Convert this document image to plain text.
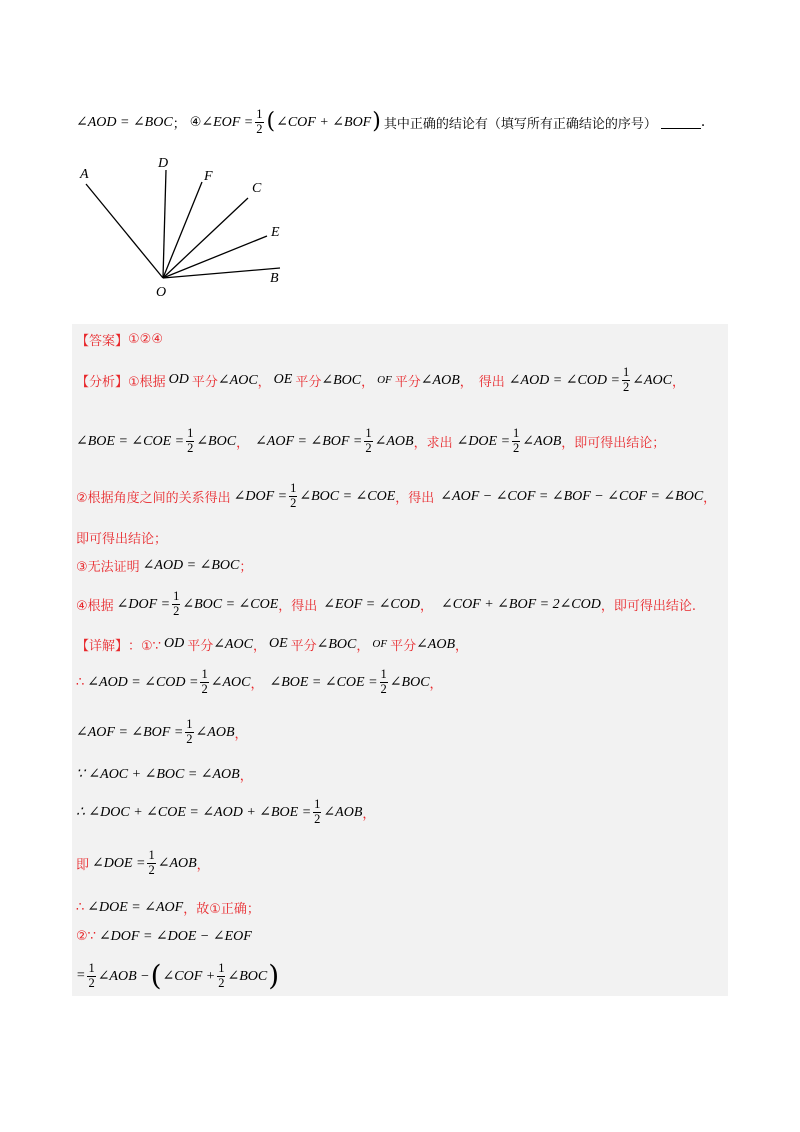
∠AOD = ∠BOC ； ④ ∠EOF = $\frac{1}{2}$ ( ∠COF + ∠BOF ) 其中正确的结论有（填写所有正确结论的序号）	.
A
D
F
C
E
B
O
【答案】 ①②④
【分析】 ①根据 OD 平分 ∠AOC ， OE 平分 ∠BOC ， OF 平分 ∠AOB ， 得出 ∠AOD = ∠COD = $\frac{1}{2}$ ∠AOC ，
∠BOE = ∠COE = $\frac{1}{2}$ ∠BOC ， ∠AOF = ∠BOF = $\frac{1}{2}$ ∠AOB ，求出 ∠DOE = $\frac{1}{2}$ ∠AOB ，即可得出结论；
②根据角度之间的关系得出 ∠DOF = $\frac{1}{2}$ ∠BOC = ∠COE ，得出 ∠AOF − ∠COF = ∠BOF − ∠COF = ∠BOC ，
即可得出结论；
③无法证明 ∠AOD = ∠BOC ；
④根据 ∠DOF = $\frac{1}{2}$ ∠BOC = ∠COE ，得出 ∠EOF = ∠COD ， ∠COF + ∠BOF = 2∠COD ，即可得出结论.
【详解】 ：①∵ OD 平分 ∠AOC ， OE 平分 ∠BOC ， OF 平分 ∠AOB ，
∴ ∠AOD = ∠COD = $\frac{1}{2}$ ∠AOC ， ∠BOE = ∠COE = $\frac{1}{2}$ ∠BOC ，
∠AOF = ∠BOF = $\frac{1}{2}$ ∠AOB ，
∵ ∠AOC + ∠BOC = ∠AOB ，
∴ ∠DOC + ∠COE = ∠AOD + ∠BOE = $\frac{1}{2}$ ∠AOB ，
即 ∠DOE = $\frac{1}{2}$ ∠AOB ，
∴ ∠DOE = ∠AOF ，故①正确；
②∵ ∠DOF = ∠DOE − ∠EOF
= $\frac{1}{2}$ ∠AOB − ( ∠COF + $\frac{1}{2}$ ∠BOC )
